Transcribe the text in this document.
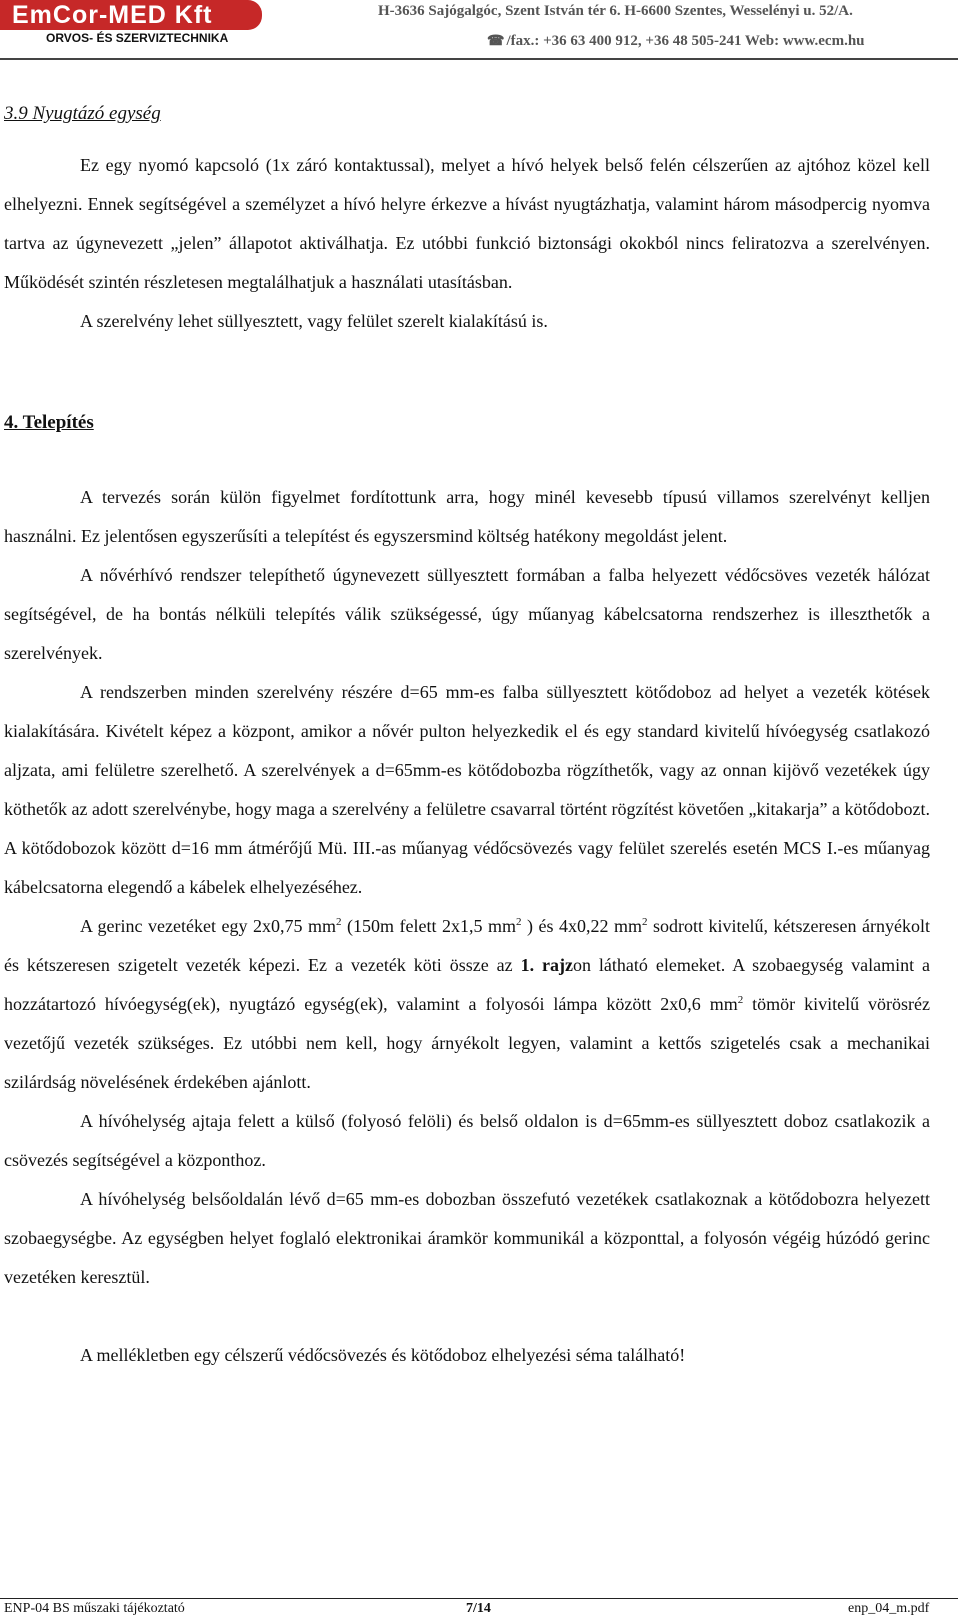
EmCor-MED Kft
ORVOS- ÉS SZERVIZTECHNIKA
H-3636 Sajógalgóc, Szent István tér 6. H-6600 Szentes, Wesselényi u. 52/A.
☎ /fax.: +36 63 400 912, +36 48 505-241 Web: www.ecm.hu
3.9 Nyugtázó egység

Ez egy nyomó kapcsoló (1x záró kontaktussal), melyet a hívó helyek belső felén célszerűen az ajtóhoz közel kell elhelyezni. Ennek segítségével a személyzet a hívó helyre érkezve a hívást nyugtázhatja, valamint három másodpercig nyomva tartva az úgynevezett „jelen” állapotot aktiválhatja. Ez utóbbi funkció biztonsági okokból nincs feliratozva a szerelvényen. Működését szintén részletesen megtalálhatjuk a használati utasításban.

A szerelvény lehet süllyesztett, vagy felület szerelt kialakítású is.

4. Telepítés

A tervezés során külön figyelmet fordítottunk arra, hogy minél kevesebb típusú villamos szerelvényt kelljen használni. Ez jelentősen egyszerűsíti a telepítést és egyszersmind költség hatékony megoldást jelent.

A nővérhívó rendszer telepíthető úgynevezett süllyesztett formában a falba helyezett védőcsöves vezeték hálózat segítségével, de ha bontás nélküli telepítés válik szükségessé, úgy műanyag kábelcsatorna rendszerhez is illeszthetők a szerelvények.

A rendszerben minden szerelvény részére d=65 mm-es falba süllyesztett kötődoboz ad helyet a vezeték kötések kialakítására. Kivételt képez a központ, amikor a nővér pulton helyezkedik el és egy standard kivitelű hívóegység csatlakozó aljzata, ami felületre szerelhető. A szerelvények a d=65mm-es kötődobozba rögzíthetők, vagy az onnan kijövő vezetékek úgy köthetők az adott szerelvénybe, hogy maga a szerelvény a felületre csavarral történt rögzítést követően „kitakarja” a kötődobozt. A kötődobozok között d=16 mm átmérőjű Mü. III.-as műanyag védőcsövezés vagy felület szerelés esetén MCS I.-es műanyag kábelcsatorna elegendő a kábelek elhelyezéséhez.

A gerinc vezetéket egy 2x0,75 $mm^2$ (150m felett 2x1,5 $mm^2$ ) és 4x0,22 $mm^2$ sodrott kivitelű, kétszeresen árnyékolt és kétszeresen szigetelt vezeték képezi. Ez a vezeték köti össze az 1. rajzon látható elemeket. A szobaegység valamint a hozzátartozó hívóegység(ek), nyugtázó egység(ek), valamint a folyosói lámpa között 2x0,6 $mm^2$ tömör kivitelű vörösréz vezetőjű vezeték szükséges. Ez utóbbi nem kell, hogy árnyékolt legyen, valamint a kettős szigetelés csak a mechanikai szilárdság növelésének érdekében ajánlott.

A hívóhelység ajtaja felett a külső (folyosó felöli) és belső oldalon is d=65mm-es süllyesztett doboz csatlakozik a csövezés segítségével a központhoz.

A hívóhelység belsőoldalán lévő d=65 mm-es dobozban összefutó vezetékek csatlakoznak a kötődobozra helyezett szobaegységbe. Az egységben helyet foglaló elektronikai áramkör kommunikál a központtal, a folyosón végéig húzódó gerinc vezetéken keresztül.

A mellékletben egy célszerű védőcsövezés és kötődoboz elhelyezési séma található!

ENP-04 BS műszaki tájékoztató	7/14	enp_04_m.pdf
